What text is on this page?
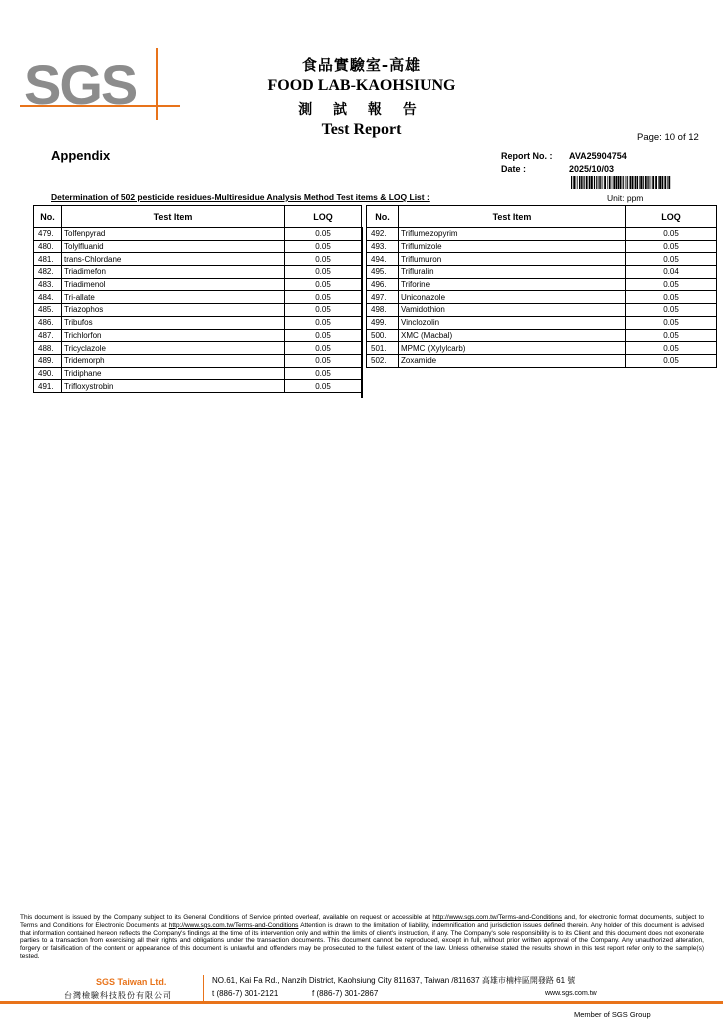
SGS	食品實驗室-高雄
FOOD LAB-KAOHSIUNG
測 試 報 告
Test Report	Page: 10 of 12
Appendix	Report No. : AVA25904754
Date :	2025/10/03
Determination of 502 pesticide residues-Multiresidue Analysis Method Test items & LOQ List :	Unit: ppm
No.	Test Item	LOQ
479.	Tolfenpyrad	0.05
480.	Tolylfluanid	0.05
481.	trans-Chlordane	0.05
482.	Triadimefon	0.05
483.	Triadimenol	0.05
484.	Tri-allate	0.05
485.	Triazophos	0.05
486.	Tribufos	0.05
487.	Trichlorfon	0.05
488.	Tricyclazole	0.05
489.	Tridemorph	0.05
490.	Tridiphane	0.05
491.	Trifloxystrobin	0.05
No.	Test Item	LOQ
492.	Triflumezopyrim	0.05
493.	Triflumizole	0.05
494.	Triflumuron	0.05
495.	Trifluralin	0.04
496.	Triforine	0.05
497.	Uniconazole	0.05
498.	Vamidothion	0.05
499.	Vinclozolin	0.05
500.	XMC (Macbal)	0.05
501.	MPMC (Xylylcarb)	0.05
502.	Zoxamide	0.05
This document is issued by the Company subject to its General Conditions of Service printed overleaf, available on request or accessible at http://www.sgs.com.tw/Terms-and-Conditions and, for electronic format documents, subject to Terms and Conditions for Electronic Documents at http://www.sgs.com.tw/Terms-and-Conditions Attention is drawn to the limitation of liability, indemnification and jurisdiction issues defined therein. Any holder of this document is advised that information contained hereon reflects the Company's findings at the time of its intervention only and within the limits of client's instruction, if any. The Company's sole responsibility is to its Client and this document does not exonerate parties to a transaction from exercising all their rights and obligations under the transaction documents. This document cannot be reproduced, except in full, without prior written approval of the Company. Any unauthorized alteration, forgery or falsification of the content or appearance of this document is unlawful and offenders may be prosecuted to the fullest extent of the law. Unless otherwise stated the results shown in this test report refer only to the sample(s) tested.
SGS Taiwan Ltd.
台灣檢驗科技股份有限公司
NO.61, Kai Fa Rd., Nanzih District, Kaohsiung City 811637, Taiwan /811637 高雄市楠梓區開發路 61 號
t (886-7) 301-2121	f (886-7) 301-2867	www.sgs.com.tw
Member of SGS Group
